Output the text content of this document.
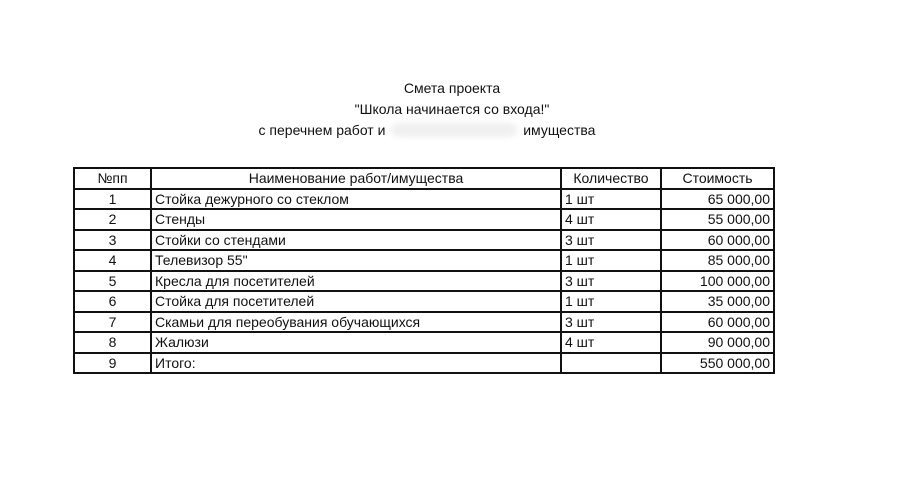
Смета проекта
"Школа начинается со входа!"
с перечнем работ и	имущества
№пп	Наименование работ/имущества	Количество	Стоимость
1	Стойка дежурного со стеклом	1 шт	65 000,00
2	Стенды	4 шт	55 000,00
3	Стойки со стендами	3 шт	60 000,00
4	Телевизор 55"	1 шт	85 000,00
5	Кресла для посетителей	3 шт	100 000,00
6	Стойка для посетителей	1 шт	35 000,00
7	Скамьи для переобувания обучающихся	3 шт	60 000,00
8	Жалюзи	4 шт	90 000,00
9	Итого:		550 000,00
